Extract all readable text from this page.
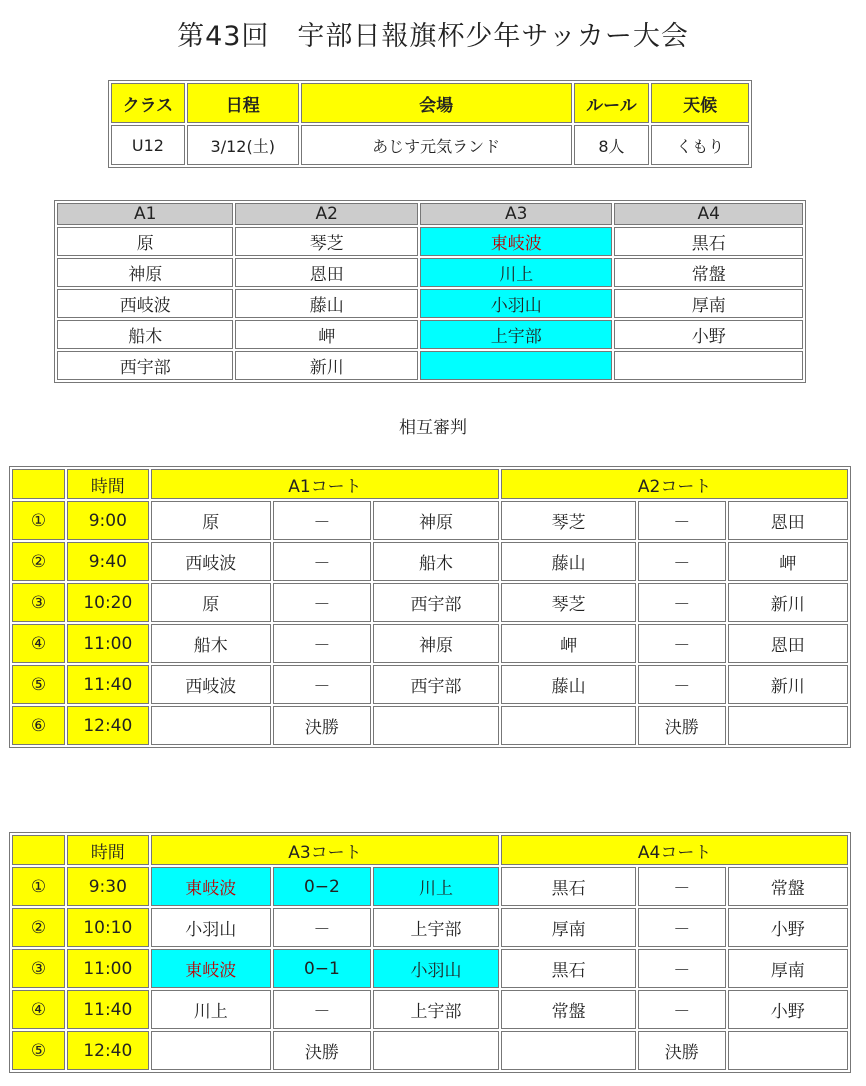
第43回　宇部日報旗杯少年サッカー大会
クラス	日程	会場	ルール	天候
U12	3/12(土)	あじす元気ランド	8人	くもり
A1	A2	A3	A4
原	琴芝	東岐波	黒石
神原	恩田	川上	常盤
西岐波	藤山	小羽山	厚南
船木	岬	上宇部	小野
西宇部	新川		
相互審判
	時間	A1コート			A2コート		
①	9:00	原	－	神原	琴芝	－	恩田
②	9:40	西岐波	－	船木	藤山	－	岬
③	10:20	原	－	西宇部	琴芝	－	新川
④	11:00	船木	－	神原	岬	－	恩田
⑤	11:40	西岐波	－	西宇部	藤山	－	新川
⑥	12:40		決勝			決勝	
	時間	A3コート			A4コート		
①	9:30	東岐波	0−2	川上	黒石	－	常盤
②	10:10	小羽山	－	上宇部	厚南	－	小野
③	11:00	東岐波	0−1	小羽山	黒石	－	厚南
④	11:40	川上	－	上宇部	常盤	－	小野
⑤	12:40		決勝			決勝	
